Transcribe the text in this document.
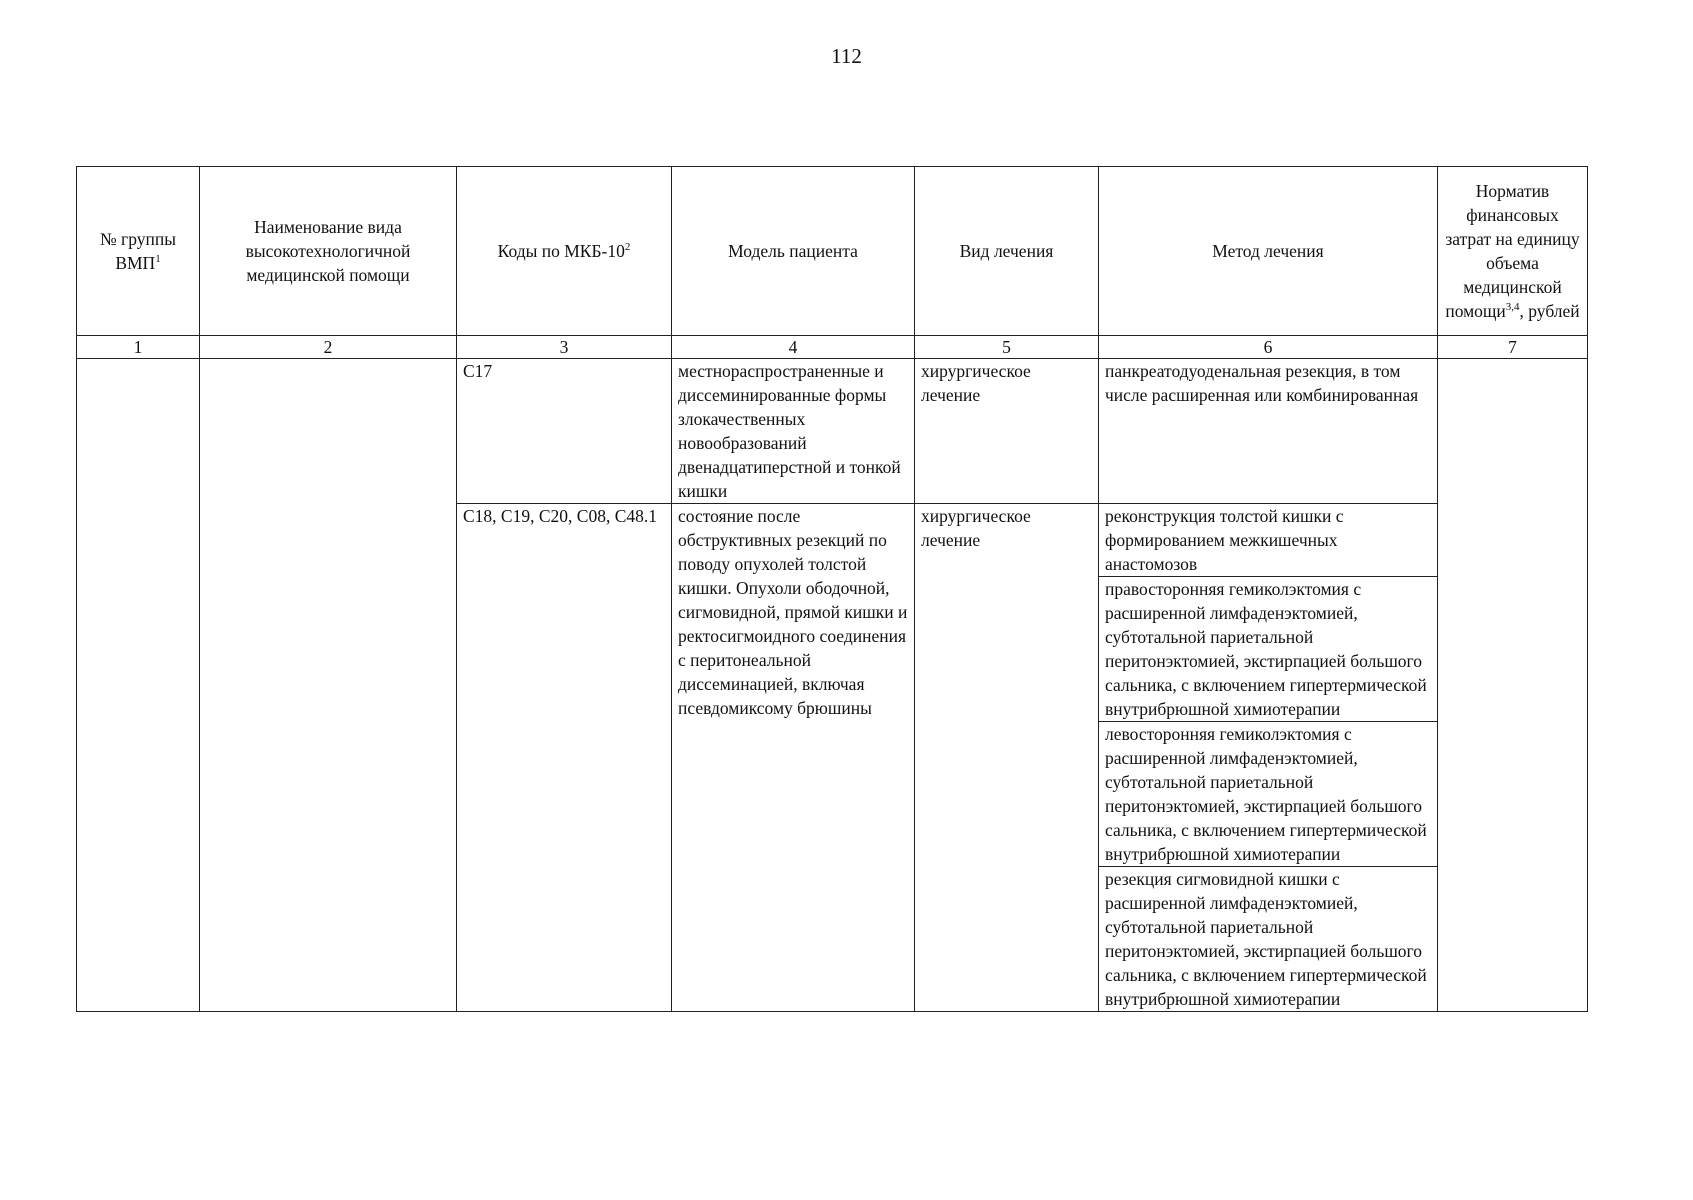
112
№ группы ВМП$^1$	Наименование вида высокотехнологичной медицинской помощи	Коды по МКБ-$10^2$	Модель пациента	Вид лечения	Метод лечения	Норматив финансовых затрат на единицу объема медицинской помощи$^{3,4}$, рублей
1	2	3	4	5	6	7
		C17	местнораспространенные и диссеминированные формы злокачественных новообразований двенадцатиперстной и тонкой кишки	хирургическое лечение	панкреатодуоденальная резекция, в том числе расширенная или комбинированная	
		C18, C19, C20, C08, C48.1	состояние после обструктивных резекций по поводу опухолей толстой кишки. Опухоли ободочной, сигмовидной, прямой кишки и ректосигмоидного соединения с перитонеальной диссеминацией, включая псевдомиксому брюшины	хирургическое лечение	реконструкция толстой кишки с формированием межкишечных анастомозов	
					правосторонняя гемиколэктомия с расширенной лимфаденэктомией, субтотальной париетальной перитонэктомией, экстирпацией большого сальника, с включением гипертермической внутрибрюшной химиотерапии	
					левосторонняя гемиколэктомия с расширенной лимфаденэктомией, субтотальной париетальной перитонэктомией, экстирпацией большого сальника, с включением гипертермической внутрибрюшной химиотерапии	
					резекция сигмовидной кишки с расширенной лимфаденэктомией, субтотальной париетальной перитонэктомией, экстирпацией большого сальника, с включением гипертермической внутрибрюшной химиотерапии	
